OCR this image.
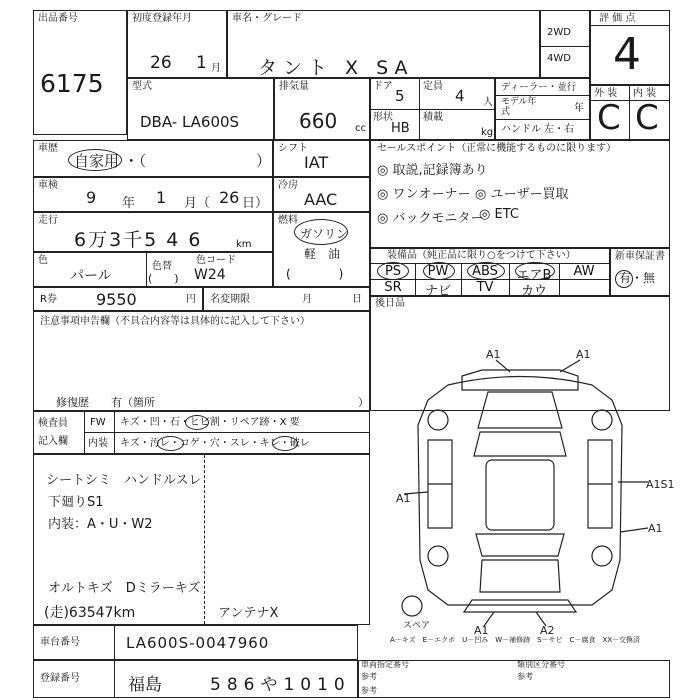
出品番号
6175
初度登録年月
26 1 月
車名・グレード
タント X SA
2WD
4WD
評 価 点
4
外 装 内 装
C C
型式
DBA- LA600S
排気量
660 cc
ドア
5
定員
4 人
形状
HB
積載
kg
ディーラー・並行
モデル年式	年
ハンドル 左・右
車歴
自家用 ・（	）
シフト
IAT
車検
9 年 1 月（ 26 日）
冷房
AAC
走行
6万3千5 4 6	km
燃料
ガソリン
軽　油
(　　　　)
色
パール
色替
(　　)
色コード
W24
R券 9550	円 名変期限	月	日
セールスポイント（正常に機能するものに限ります）
◎ 取説,記録簿あり
◎ ワンオーナー ◎ ユーザー買取
◎ バックモニター
◎ ETC
装備品（純正品に限り○をつけて下さい）
PS	PW	ABS	エアB	AW
SR	ナビ	TV	カウ
新車保証書
有・無
後日品
注意事項申告欄（不具合内容等は具体的に記入して下さい）
修復歴　　有（箇所	）
検査員
記入欄
FW キズ・凹・石・ヒビ割・リペア跡・X 要
内装 キズ・汚レ・コゲ・穴・スレ・キレ・破レ
シートシミ　ハンドルスレ
下廻りS1
内装：A・U・W2
オルトキズ　Dミラーキズ
(走)63547km	アンテナX
スペア
A－キズ　E－エクボ　U－凹み　W－補修跡　S－サビ　C－腐食　XX－交換済
A1	A1
A1
A1S1
A1
A1	A2
車台番号	LA600S-0047960
登録番号	福島	586や1010
車両指定番号
参考
参考
類別区分番号
参考
